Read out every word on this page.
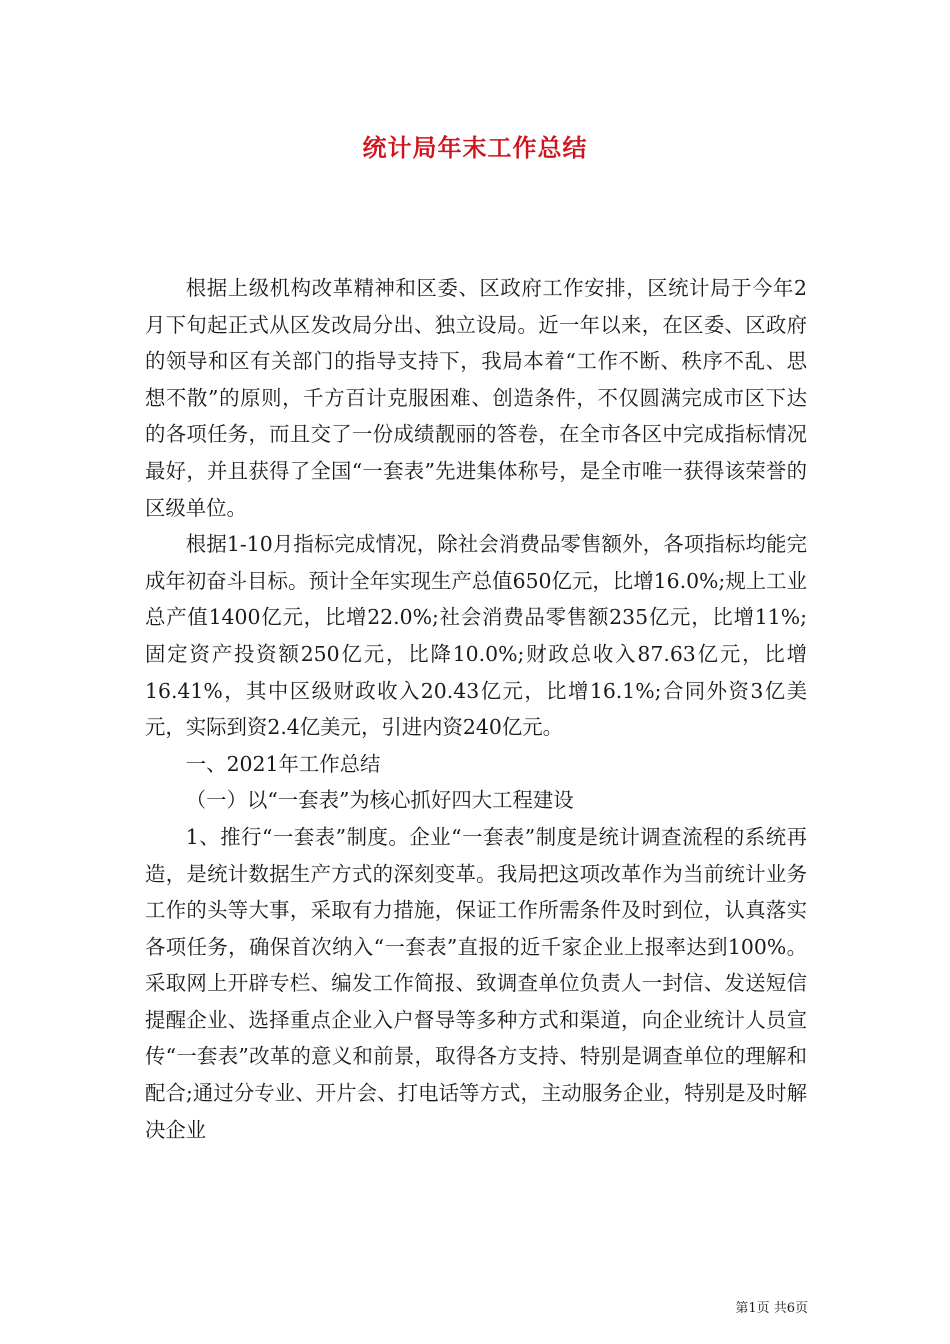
统计局年末工作总结

根据上级机构改革精神和区委、区政府工作安排，区统计局于今年2月下旬起正式从区发改局分出、独立设局。近一年以来，在区委、区政府的领导和区有关部门的指导支持下，我局本着“工作不断、秩序不乱、思想不散”的原则，千方百计克服困难、创造条件，不仅圆满完成市区下达的各项任务，而且交了一份成绩靓丽的答卷，在全市各区中完成指标情况最好，并且获得了全国“一套表”先进集体称号，是全市唯一获得该荣誉的区级单位。

根据1-10月指标完成情况，除社会消费品零售额外，各项指标均能完成年初奋斗目标。预计全年实现生产总值650亿元，比增16.0%;规上工业总产值1400亿元，比增22.0%;社会消费品零售额235亿元，比增11%;固定资产投资额250亿元，比降10.0%;财政总收入87.63亿元，比增16.41%，其中区级财政收入20.43亿元，比增16.1%;合同外资3亿美元，实际到资2.4亿美元，引进内资240亿元。

一、2021年工作总结

（一）以“一套表”为核心抓好四大工程建设

1、推行“一套表”制度。企业“一套表”制度是统计调查流程的系统再造，是统计数据生产方式的深刻变革。我局把这项改革作为当前统计业务工作的头等大事，采取有力措施，保证工作所需条件及时到位，认真落实各项任务，确保首次纳入“一套表”直报的近千家企业上报率达到100%。采取网上开辟专栏、编发工作简报、致调查单位负责人一封信、发送短信提醒企业、选择重点企业入户督导等多种方式和渠道，向企业统计人员宣传“一套表”改革的意义和前景，取得各方支持、特别是调查单位的理解和配合;通过分专业、开片会、打电话等方式，主动服务企业，特别是及时解决企业

第1页 共6页
